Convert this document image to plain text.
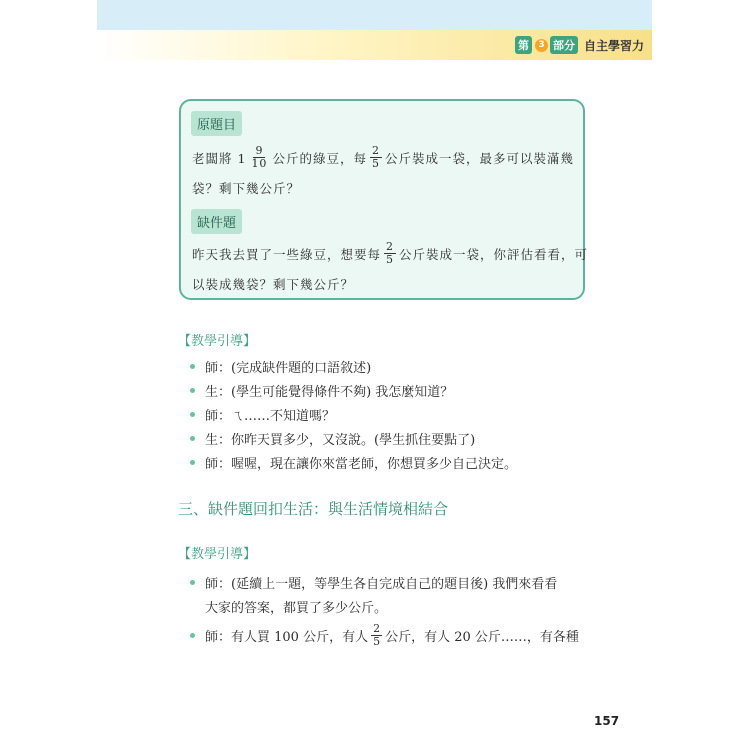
第	3 部分 自主學習力
原題目
老闆將 $1 \frac{9}{10}$ 公斤的綠豆，每 $\frac{2}{5}$ 公斤裝成一袋，最多可以裝滿幾
袋？剩下幾公斤？
缺件題
昨天我去買了一些綠豆，想要每 $\frac{2}{5}$ 公斤裝成一袋，你評估看看，可
以裝成幾袋？剩下幾公斤？
【教學引導】
師：(完成缺件題的口語敘述)
生：(學生可能覺得條件不夠) 我怎麼知道？
師：ㄟ……不知道嗎？
生：你昨天買多少，又沒說。(學生抓住要點了)
師：喔喔，現在讓你來當老師，你想買多少自己決定。
三、缺件題回扣生活：與生活情境相結合
【教學引導】
師：(延續上一題，等學生各自完成自己的題目後) 我們來看看
大家的答案，都買了多少公斤。
師：有人買 100 公斤，有人 $\frac{2}{5}$ 公斤，有人 20 公斤……，有各種
157
